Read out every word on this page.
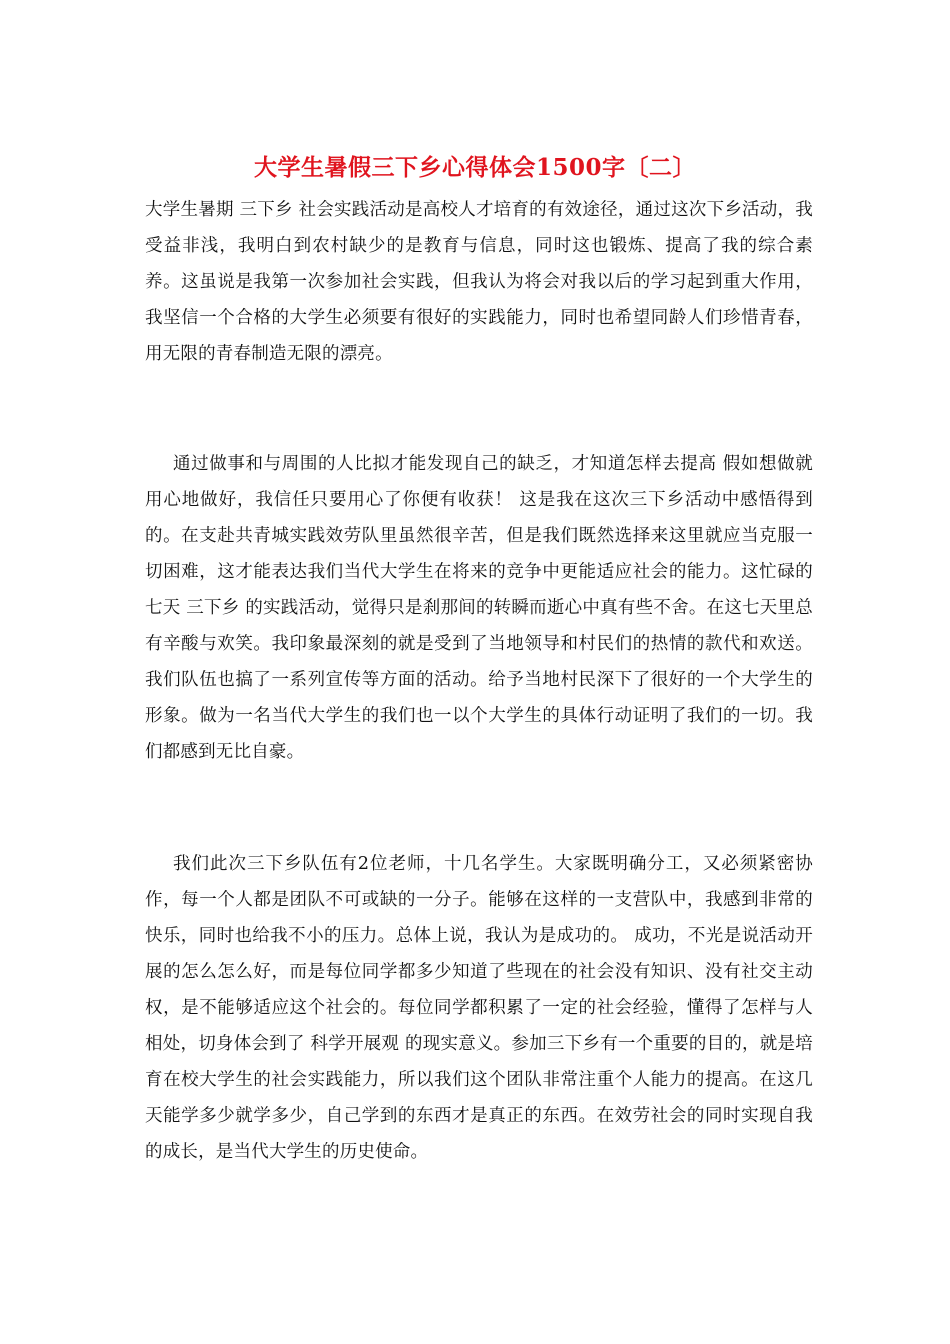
大学生暑假三下乡心得体会1500字〔二〕

大学生暑期 三下乡 社会实践活动是高校人才培育的有效途径，通过这次下乡活动，我受益非浅，我明白到农村缺少的是教育与信息，同时这也锻炼、提高了我的综合素养。这虽说是我第一次参加社会实践，但我认为将会对我以后的学习起到重大作用，我坚信一个合格的大学生必须要有很好的实践能力，同时也希望同龄人们珍惜青春，用无限的青春制造无限的漂亮。

通过做事和与周围的人比拟才能发现自己的缺乏，才知道怎样去提高 假如想做就用心地做好，我信任只要用心了你便有收获！ 这是我在这次三下乡活动中感悟得到的。在支赴共青城实践效劳队里虽然很辛苦，但是我们既然选择来这里就应当克服一切困难，这才能表达我们当代大学生在将来的竞争中更能适应社会的能力。这忙碌的七天 三下乡 的实践活动，觉得只是刹那间的转瞬而逝心中真有些不舍。在这七天里总有辛酸与欢笑。我印象最深刻的就是受到了当地领导和村民们的热情的款代和欢送。我们队伍也搞了一系列宣传等方面的活动。给予当地村民深下了很好的一个大学生的形象。做为一名当代大学生的我们也一以个大学生的具体行动证明了我们的一切。我们都感到无比自豪。

我们此次三下乡队伍有2位老师，十几名学生。大家既明确分工，又必须紧密协作，每一个人都是团队不可或缺的一分子。能够在这样的一支营队中，我感到非常的快乐，同时也给我不小的压力。总体上说，我认为是成功的。 成功，不光是说活动开展的怎么怎么好，而是每位同学都多少知道了些现在的社会没有知识、没有社交主动权，是不能够适应这个社会的。每位同学都积累了一定的社会经验，懂得了怎样与人相处，切身体会到了 科学开展观 的现实意义。参加三下乡有一个重要的目的，就是培育在校大学生的社会实践能力，所以我们这个团队非常注重个人能力的提高。在这几天能学多少就学多少，自己学到的东西才是真正的东西。在效劳社会的同时实现自我的成长，是当代大学生的历史使命。
